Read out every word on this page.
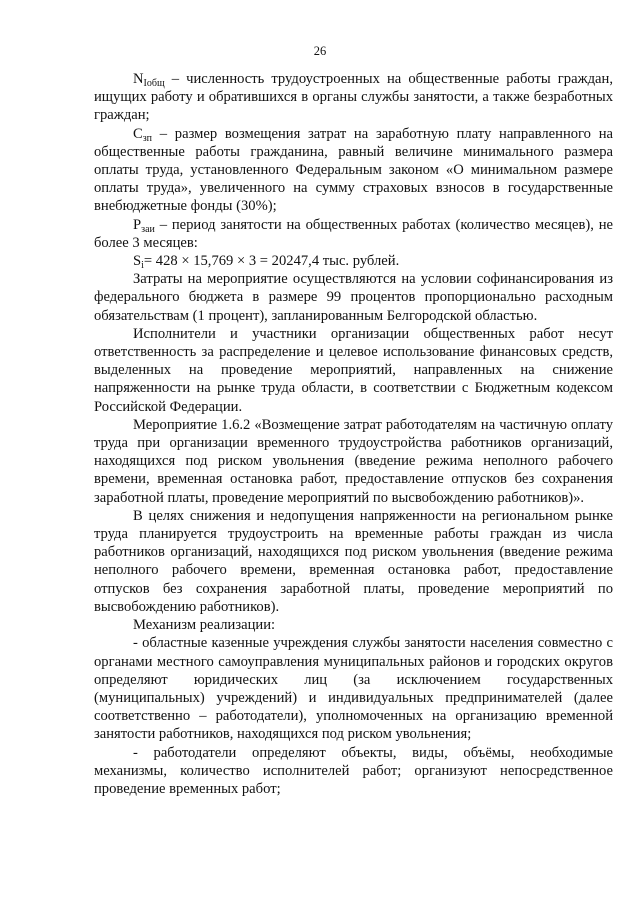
26

$N_{Іобщ}$ – численность трудоустроенных на общественные работы граждан, ищущих работу и обратившихся в органы службы занятости, а также безработных граждан;

$С_{зп}$ – размер возмещения затрат на заработную плату направленного на общественные работы гражданина, равный величине минимального размера оплаты труда, установленного Федеральным законом «О минимальном размере оплаты труда», увеличенного на сумму страховых взносов в государственные внебюджетные фонды (30%);

$Р_{заи}$ – период занятости на общественных работах (количество месяцев), не более 3 месяцев:

$S_i= 428 \times 15,769 \times 3 = 20247,4$ тыс. рублей.

Затраты на мероприятие осуществляются на условии софинансирования из федерального бюджета в размере 99 процентов пропорционально расходным обязательствам (1 процент), запланированным Белгородской областью.

Исполнители и участники организации общественных работ несут ответственность за распределение и целевое использование финансовых средств, выделенных на проведение мероприятий, направленных на снижение напряженности на рынке труда области, в соответствии с Бюджетным кодексом Российской Федерации.

Мероприятие 1.6.2 «Возмещение затрат работодателям на частичную оплату труда при организации временного трудоустройства работников организаций, находящихся под риском увольнения (введение режима неполного рабочего времени, временная остановка работ, предоставление отпусков без сохранения заработной платы, проведение мероприятий по высвобождению работников)».

В целях снижения и недопущения напряженности на региональном рынке труда планируется трудоустроить на временные работы граждан из числа работников организаций, находящихся под риском увольнения (введение режима неполного рабочего времени, временная остановка работ, предоставление отпусков без сохранения заработной платы, проведение мероприятий по высвобождению работников).

Механизм реализации:

- областные казенные учреждения службы занятости населения совместно с органами местного самоуправления муниципальных районов и городских округов определяют юридических лиц (за исключением государственных (муниципальных) учреждений) и индивидуальных предпринимателей (далее соответственно – работодатели), уполномоченных на организацию временной занятости работников, находящихся под риском увольнения;

- работодатели определяют объекты, виды, объёмы, необходимые механизмы, количество исполнителей работ; организуют непосредственное проведение временных работ;
